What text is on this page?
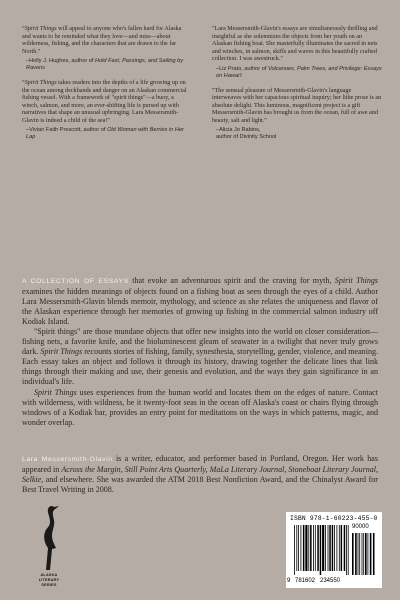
“Spirit Things will appeal to anyone who's fallen hard for Alaska and wants to be reminded what they love—and miss—about wilderness, fishing, and the characters that are drawn to the far North."
–Holly J. Hughes, author of Hold Fast, Passings, and Sailing by Ravens
“Spirit Things takes readers into the depths of a life growing up on the ocean among deckhands and danger on an Alaskan commercial fishing vessel. With a framework of "spirit things"—a buoy, a winch, salmon, and more, an ever-shifting life is pursed up with narratives that shape an unusual upbringing. Lara Messersmith-Glavin is indeed a child of the sea!"
–Vivian Faith Prescott, author of Old Woman with Berries in Her Lap
"Lara Messersmith-Glavin's essays are simultaneously thrilling and insightful as she solemnizes the objects from her youth on an Alaskan fishing boat. She masterfully illuminates the sacred in nets and winches, in salmon, skiffs and waves in this beautifully crafted collection. I was awestruck."
–Liz Prato, author of Volcanoes, Palm Trees, and Privilege: Essays on Hawai'i
"The sensual pleasure of Messersmith-Glavin's language interweaves with her capacious spiritual inquiry; her lithe prose is an absolute delight. This luminous, magnificent project is a gift Messersmith-Glavin has brought us from the ocean, full of awe and beauty, salt and light."
–Alicia Jo Rabins,
author of Divinity School

A COLLECTION OF ESSAYS that evoke an adventurous spirit and the craving for myth, Spirit Things examines the hidden meanings of objects found on a fishing boat as seen through the eyes of a child. Author Lara Messersmith-Glavin blends memoir, mythology, and science as she relates the uniqueness and flavor of the Alaskan experience through her memories of growing up fishing in the commercial salmon industry off Kodiak Island.

"Spirit things" are those mundane objects that offer new insights into the world on closer consideration—fishing nets, a favorite knife, and the bioluminescent gleam of seawater in a twilight that never truly grows dark. Spirit Things recounts stories of fishing, family, synesthesia, storytelling, gender, violence, and meaning. Each essay takes an object and follows it through its history, drawing together the delicate lines that link things through their making and use, their genesis and evolution, and the ways they gain significance in an individual's life.

Spirit Things uses experiences from the human world and locates them on the edges of nature. Contact with wilderness, with wildness, be it twenty-foot seas in the ocean off Alaska's coast or chairs flying through windows of a Kodiak bar, provides an entry point for meditations on the ways in which patterns, magic, and wonder overlap.

Lara Messersmith-Glavin is a writer, educator, and performer based in Portland, Oregon. Her work has appeared in Across the Margin, Still Point Arts Quarterly, MaLa Literary Journal, Stoneboat Literary Journal, Selkie, and elsewhere. She was awarded the ATM 2018 Best Nonfiction Award, and the Chinalyst Award for Best Travel Writing in 2008.

ALASKA
LITERARY
SERIES
ISBN 978-1-60223-455-0
9 781602 234550
90000
